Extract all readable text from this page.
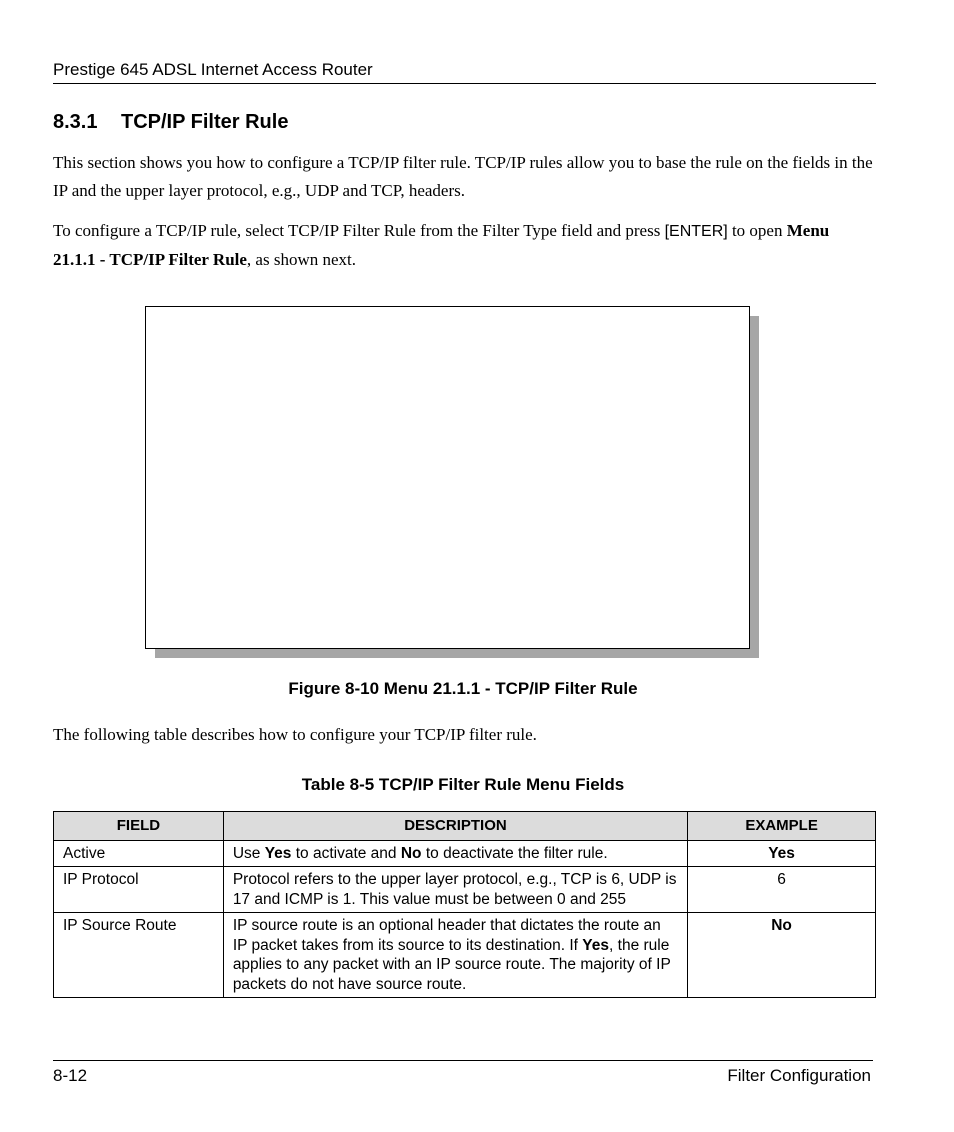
Prestige 645 ADSL Internet Access Router
8.3.1 TCP/IP Filter Rule
This section shows you how to configure a TCP/IP filter rule. TCP/IP rules allow you to base the rule on the fields in the IP and the upper layer protocol, e.g., UDP and TCP, headers.
To configure a TCP/IP rule, select TCP/IP Filter Rule from the Filter Type field and press [ENTER] to open Menu 21.1.1 - TCP/IP Filter Rule, as shown next.
Figure 8-10 Menu 21.1.1 - TCP/IP Filter Rule
The following table describes how to configure your TCP/IP filter rule.
Table 8-5 TCP/IP Filter Rule Menu Fields
FIELD	DESCRIPTION	EXAMPLE
Active	Use Yes to activate and No to deactivate the filter rule.	Yes
IP Protocol	Protocol refers to the upper layer protocol, e.g., TCP is 6, UDP is 17 and ICMP is 1. This value must be between 0 and 255	6
IP Source Route	IP source route is an optional header that dictates the route an IP packet takes from its source to its destination. If Yes, the rule applies to any packet with an IP source route. The majority of IP packets do not have source route.	No
8-12	Filter Configuration
